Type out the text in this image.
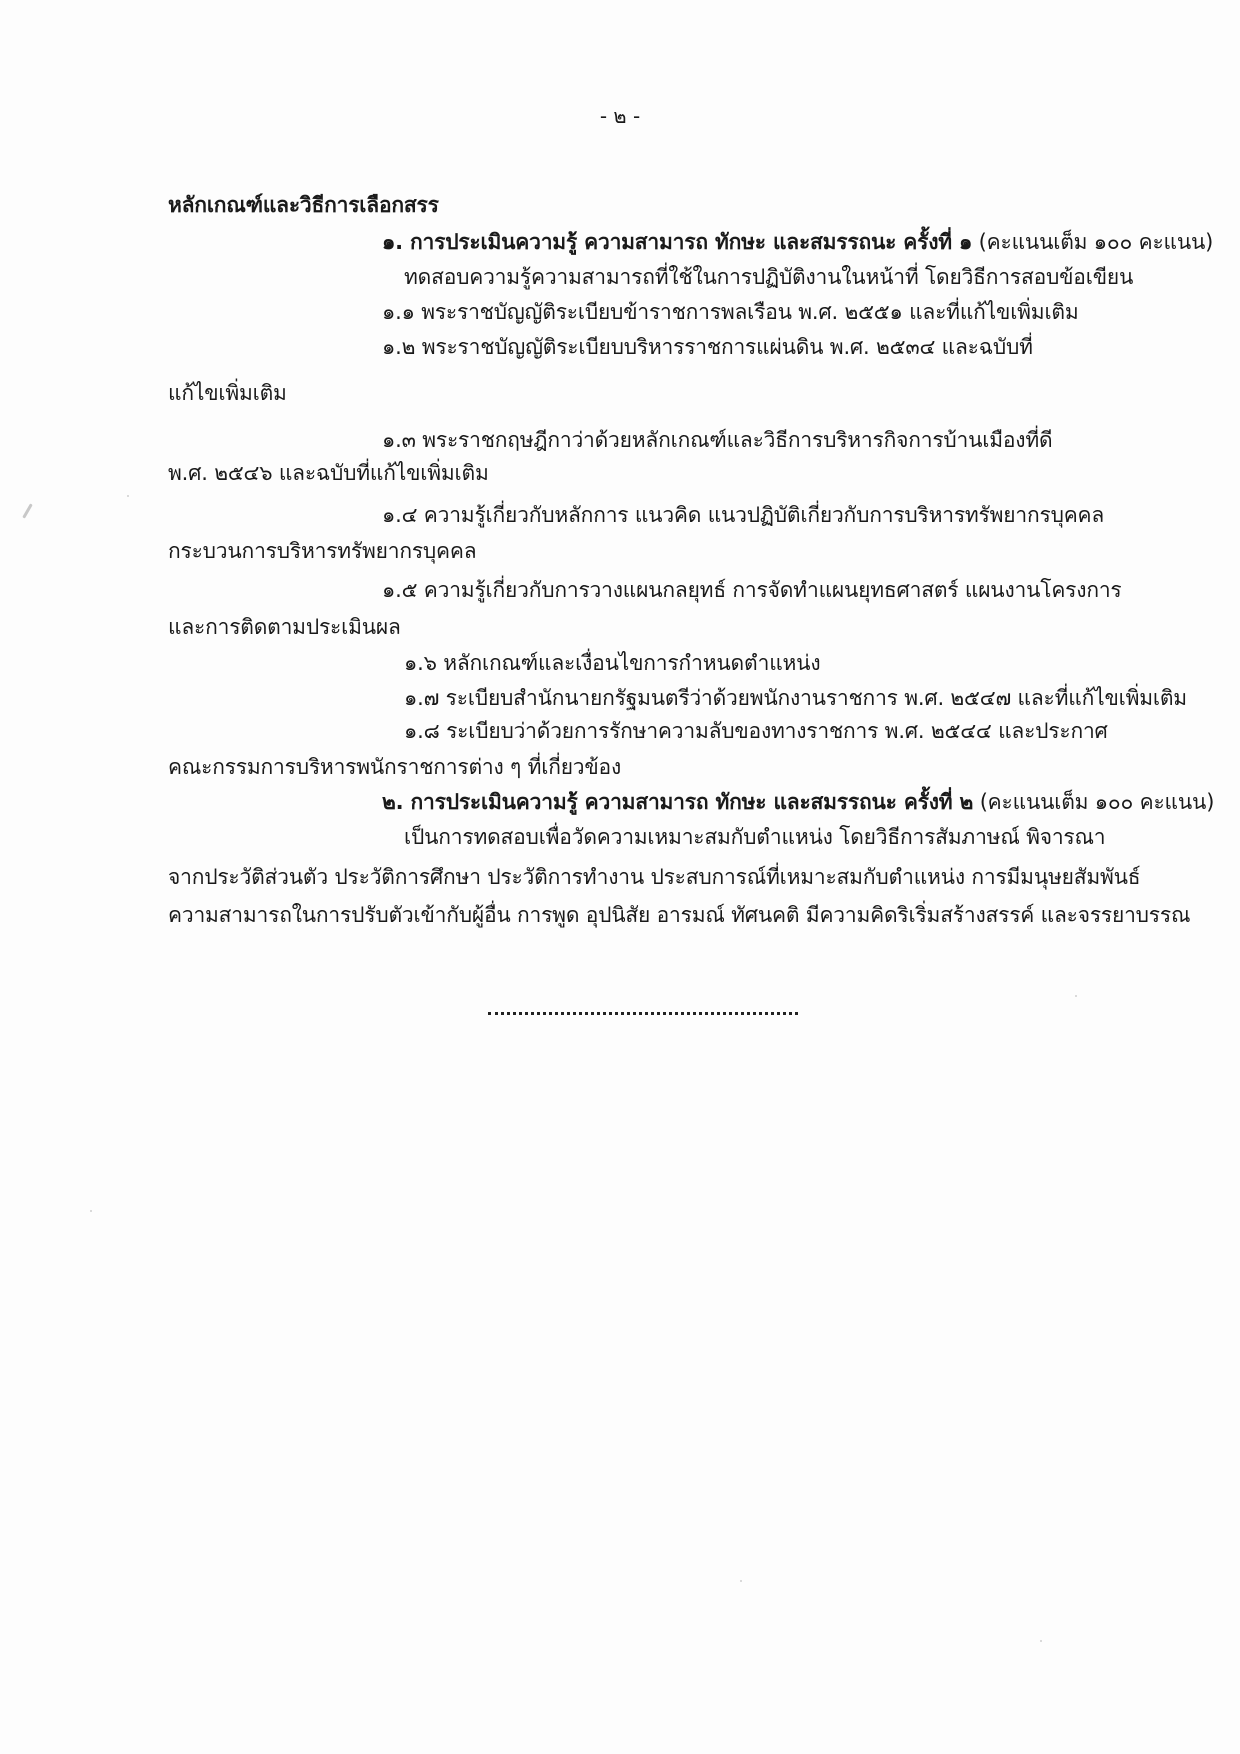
- ๒ -
หลักเกณฑ์และวิธีการเลือกสรร
๑. การประเมินความรู้ ความสามารถ ทักษะ และสมรรถนะ ครั้งที่ ๑ (คะแนนเต็ม ๑๐๐ คะแนน)
ทดสอบความรู้ความสามารถที่ใช้ในการปฏิบัติงานในหน้าที่ โดยวิธีการสอบข้อเขียน
๑.๑ พระราชบัญญัติระเบียบข้าราชการพลเรือน พ.ศ. ๒๕๕๑ และที่แก้ไขเพิ่มเติม
๑.๒ พระราชบัญญัติระเบียบบริหารราชการแผ่นดิน พ.ศ. ๒๕๓๔ และฉบับที่
แก้ไขเพิ่มเติม
๑.๓ พระราชกฤษฎีกาว่าด้วยหลักเกณฑ์และวิธีการบริหารกิจการบ้านเมืองที่ดี
พ.ศ. ๒๕๔๖ และฉบับที่แก้ไขเพิ่มเติม
๑.๔ ความรู้เกี่ยวกับหลักการ แนวคิด แนวปฏิบัติเกี่ยวกับการบริหารทรัพยากรบุคคล
กระบวนการบริหารทรัพยากรบุคคล
๑.๕ ความรู้เกี่ยวกับการวางแผนกลยุทธ์ การจัดทำแผนยุทธศาสตร์ แผนงานโครงการ
และการติดตามประเมินผล
๑.๖ หลักเกณฑ์และเงื่อนไขการกำหนดตำแหน่ง
๑.๗ ระเบียบสำนักนายกรัฐมนตรีว่าด้วยพนักงานราชการ พ.ศ. ๒๕๔๗ และที่แก้ไขเพิ่มเติม
๑.๘ ระเบียบว่าด้วยการรักษาความลับของทางราชการ พ.ศ. ๒๕๔๔ และประกาศ
คณะกรรมการบริหารพนักราชการต่าง ๆ ที่เกี่ยวข้อง
๒. การประเมินความรู้ ความสามารถ ทักษะ และสมรรถนะ ครั้งที่ ๒ (คะแนนเต็ม ๑๐๐ คะแนน)
เป็นการทดสอบเพื่อวัดความเหมาะสมกับตำแหน่ง โดยวิธีการสัมภาษณ์ พิจารณา
จากประวัติส่วนตัว ประวัติการศึกษา ประวัติการทำงาน ประสบการณ์ที่เหมาะสมกับตำแหน่ง การมีมนุษยสัมพันธ์
ความสามารถในการปรับตัวเข้ากับผู้อื่น การพูด อุปนิสัย อารมณ์ ทัศนคติ มีความคิดริเริ่มสร้างสรรค์ และจรรยาบรรณ
